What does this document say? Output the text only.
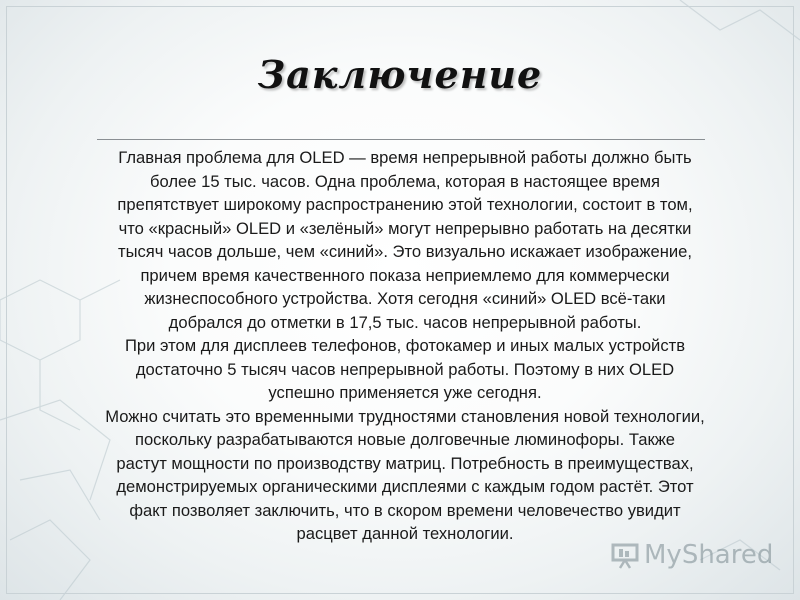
Заключение

Главная проблема для OLED — время непрерывной работы должно быть
более 15 тыс. часов. Одна проблема, которая в настоящее время
препятствует широкому распространению этой технологии, состоит в том,
что «красный» OLED и «зелёный» могут непрерывно работать на десятки
тысяч часов дольше, чем «синий». Это визуально искажает изображение,
причем время качественного показа неприемлемо для коммерчески
жизнеспособного устройства. Хотя сегодня «синий» OLED всё-таки
добрался до отметки в 17,5 тыс. часов непрерывной работы.

При этом для дисплеев телефонов, фотокамер и иных малых устройств
достаточно 5 тысяч часов непрерывной работы. Поэтому в них OLED
успешно применяется уже сегодня.

Можно считать это временными трудностями становления новой технологии,
поскольку разрабатываются новые долговечные люминофоры. Также
растут мощности по производству матриц. Потребность в преимуществах,
демонстрируемых органическими дисплеями с каждым годом растёт. Этот
факт позволяет заключить, что в скором времени человечество увидит
расцвет данной технологии.

MyShared
